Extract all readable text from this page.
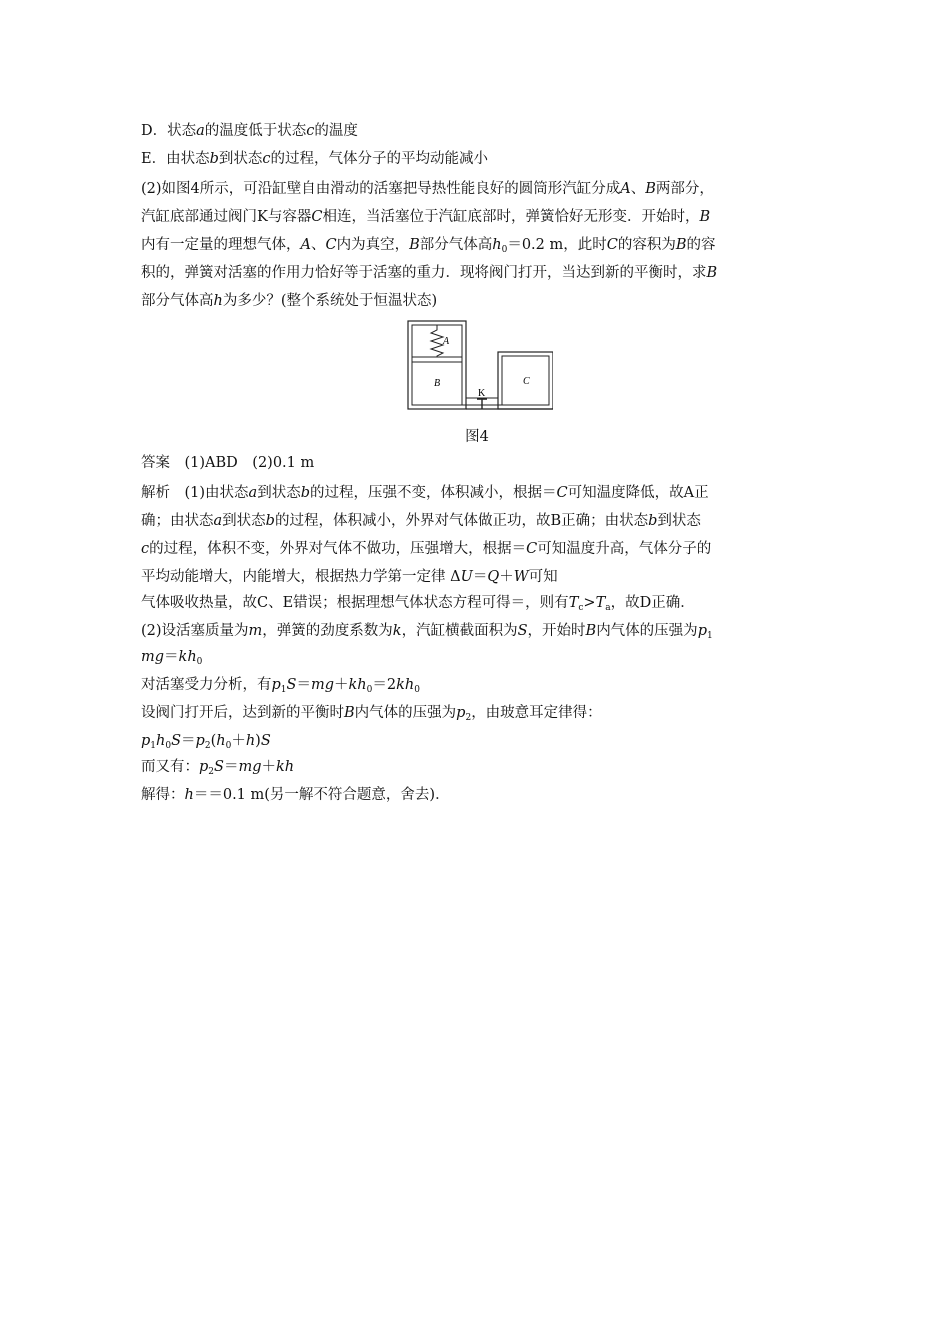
D．状态a的温度低于状态c的温度
E．由状态b到状态c的过程，气体分子的平均动能减小
(2)如图4所示，可沿缸壁自由滑动的活塞把导热性能良好的圆筒形汽缸分成A、B两部分，
汽缸底部通过阀门K与容器C相连，当活塞位于汽缸底部时，弹簧恰好无形变．开始时，B
内有一定量的理想气体，A、C内为真空，B部分气体高$h_0=0.2$ m，此时C的容积为B的容
积的，弹簧对活塞的作用力恰好等于活塞的重力．现将阀门打开，当达到新的平衡时，求B
部分气体高h为多少？(整个系统处于恒温状态)
A
B	C
K
图4
答案　(1)ABD　(2)0.1 m
解析　(1)由状态a到状态b的过程，压强不变，体积减小，根据＝C可知温度降低，故A正
确；由状态a到状态b的过程，体积减小，外界对气体做正功，故B正确；由状态b到状态
c的过程，体积不变，外界对气体不做功，压强增大，根据＝C可知温度升高，气体分子的
平均动能增大，内能增大，根据热力学第一定律 ΔU＝Q＋W可知
气体吸收热量，故C、E错误；根据理想气体状态方程可得＝，则有$T_c>T_a$，故D正确．
(2)设活塞质量为m，弹簧的劲度系数为k，汽缸横截面积为S，开始时B内气体的压强为$p_1$
$mg=kh_0$
对活塞受力分析，有$p_1S=mg+kh_0=2kh_0$
设阀门打开后，达到新的平衡时B内气体的压强为$p_2$，由玻意耳定律得：
$p_1h_0S=p_2(h_0+h)S$
而又有：$p_2S=mg+kh$
解得：h＝＝0.1 m(另一解不符合题意，舍去)．
